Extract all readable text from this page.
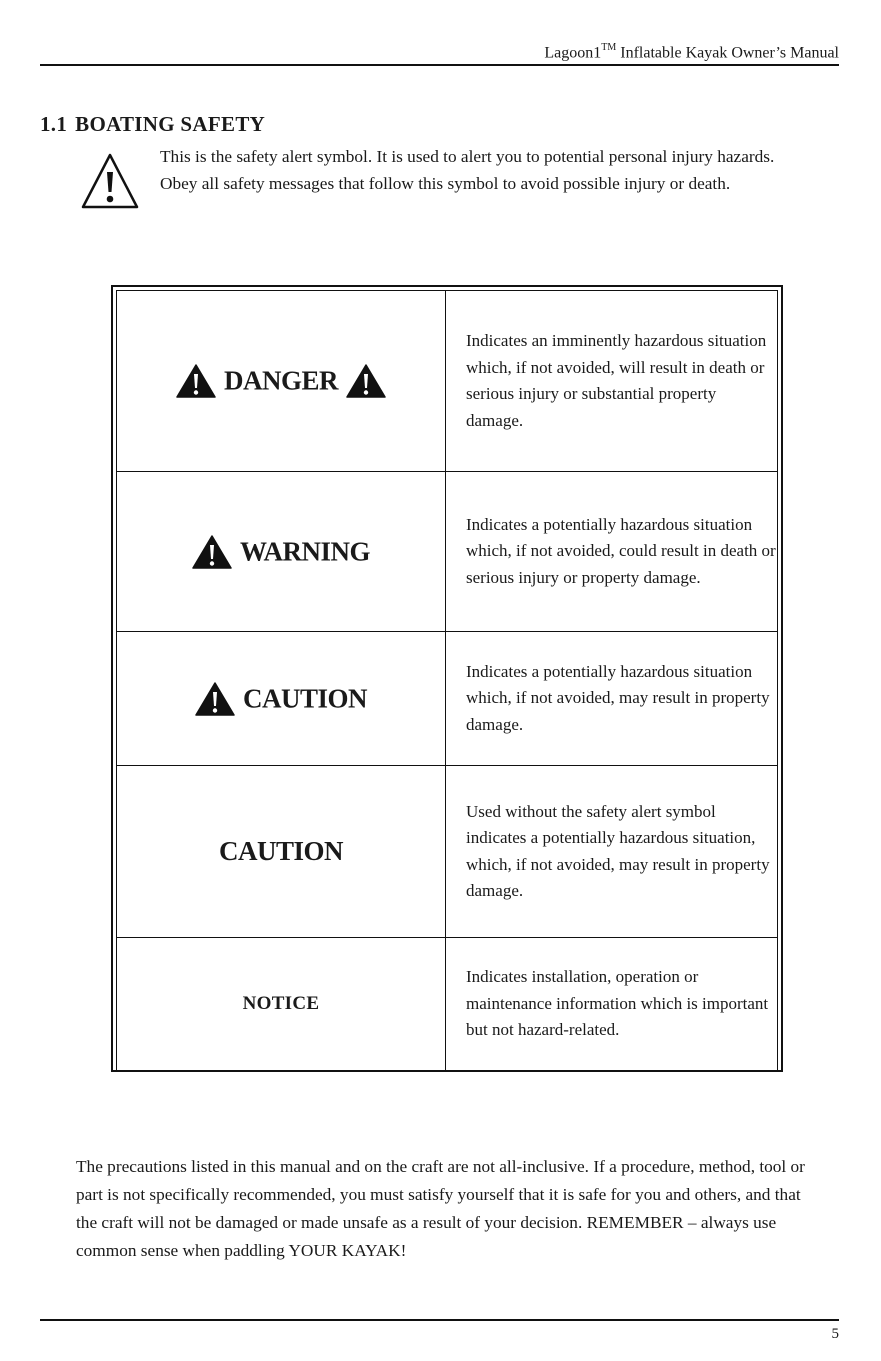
Lagoon1™ Inflatable Kayak Owner’s Manual
1.1 BOATING SAFETY

This is the safety alert symbol. It is used to alert you to potential personal injury hazards. Obey all safety messages that follow this symbol to avoid possible injury or death.

DANGER	Indicates an imminently hazardous situation which, if not avoided, will result in death or serious injury or substantial property damage.

WARNING	Indicates a potentially hazardous situation which, if not avoided, could result in death or serious injury or property damage.

CAUTION	Indicates a potentially hazardous situation which, if not avoided, may result in property damage.
CAUTION	Used without the safety alert symbol indicates a potentially hazardous situation, which, if not avoided, may result in property damage.
NOTICE	Indicates installation, operation or maintenance information which is important but not hazard-related.

The precautions listed in this manual and on the craft are not all-inclusive. If a procedure, method, tool or part is not specifically recommended, you must satisfy yourself that it is safe for you and others, and that the craft will not be damaged or made unsafe as a result of your decision. REMEMBER – always use common sense when paddling YOUR KAYAK!

5
